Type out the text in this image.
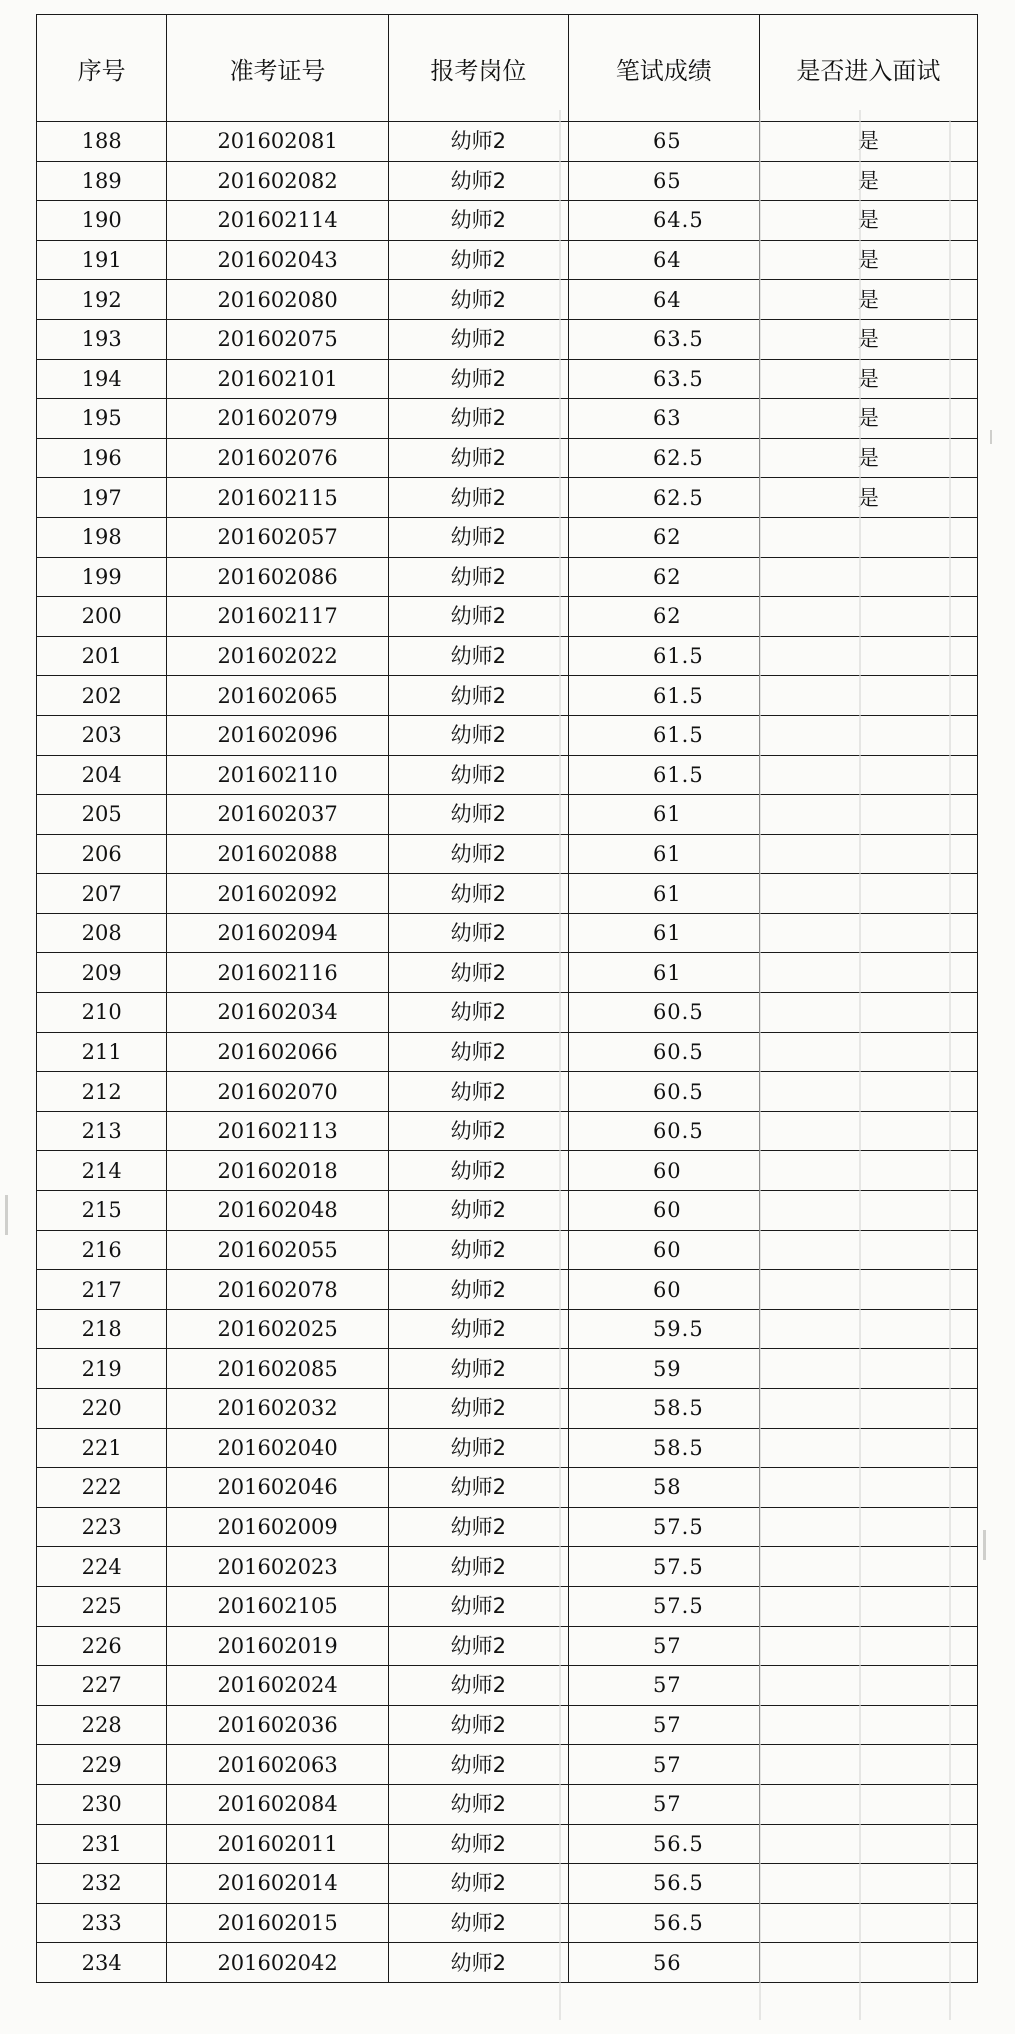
序号	准考证号	报考岗位	笔试成绩	是否进入面试
188	201602081	幼师2	65	是
189	201602082	幼师2	65	是
190	201602114	幼师2	64.5	是
191	201602043	幼师2	64	是
192	201602080	幼师2	64	是
193	201602075	幼师2	63.5	是
194	201602101	幼师2	63.5	是
195	201602079	幼师2	63	是
196	201602076	幼师2	62.5	是
197	201602115	幼师2	62.5	是
198	201602057	幼师2	62	
199	201602086	幼师2	62	
200	201602117	幼师2	62	
201	201602022	幼师2	61.5	
202	201602065	幼师2	61.5	
203	201602096	幼师2	61.5	
204	201602110	幼师2	61.5	
205	201602037	幼师2	61	
206	201602088	幼师2	61	
207	201602092	幼师2	61	
208	201602094	幼师2	61	
209	201602116	幼师2	61	
210	201602034	幼师2	60.5	
211	201602066	幼师2	60.5	
212	201602070	幼师2	60.5	
213	201602113	幼师2	60.5	
214	201602018	幼师2	60	
215	201602048	幼师2	60	
216	201602055	幼师2	60	
217	201602078	幼师2	60	
218	201602025	幼师2	59.5	
219	201602085	幼师2	59	
220	201602032	幼师2	58.5	
221	201602040	幼师2	58.5	
222	201602046	幼师2	58	
223	201602009	幼师2	57.5	
224	201602023	幼师2	57.5	
225	201602105	幼师2	57.5	
226	201602019	幼师2	57	
227	201602024	幼师2	57	
228	201602036	幼师2	57	
229	201602063	幼师2	57	
230	201602084	幼师2	57	
231	201602011	幼师2	56.5	
232	201602014	幼师2	56.5	
233	201602015	幼师2	56.5	
234	201602042	幼师2	56	
